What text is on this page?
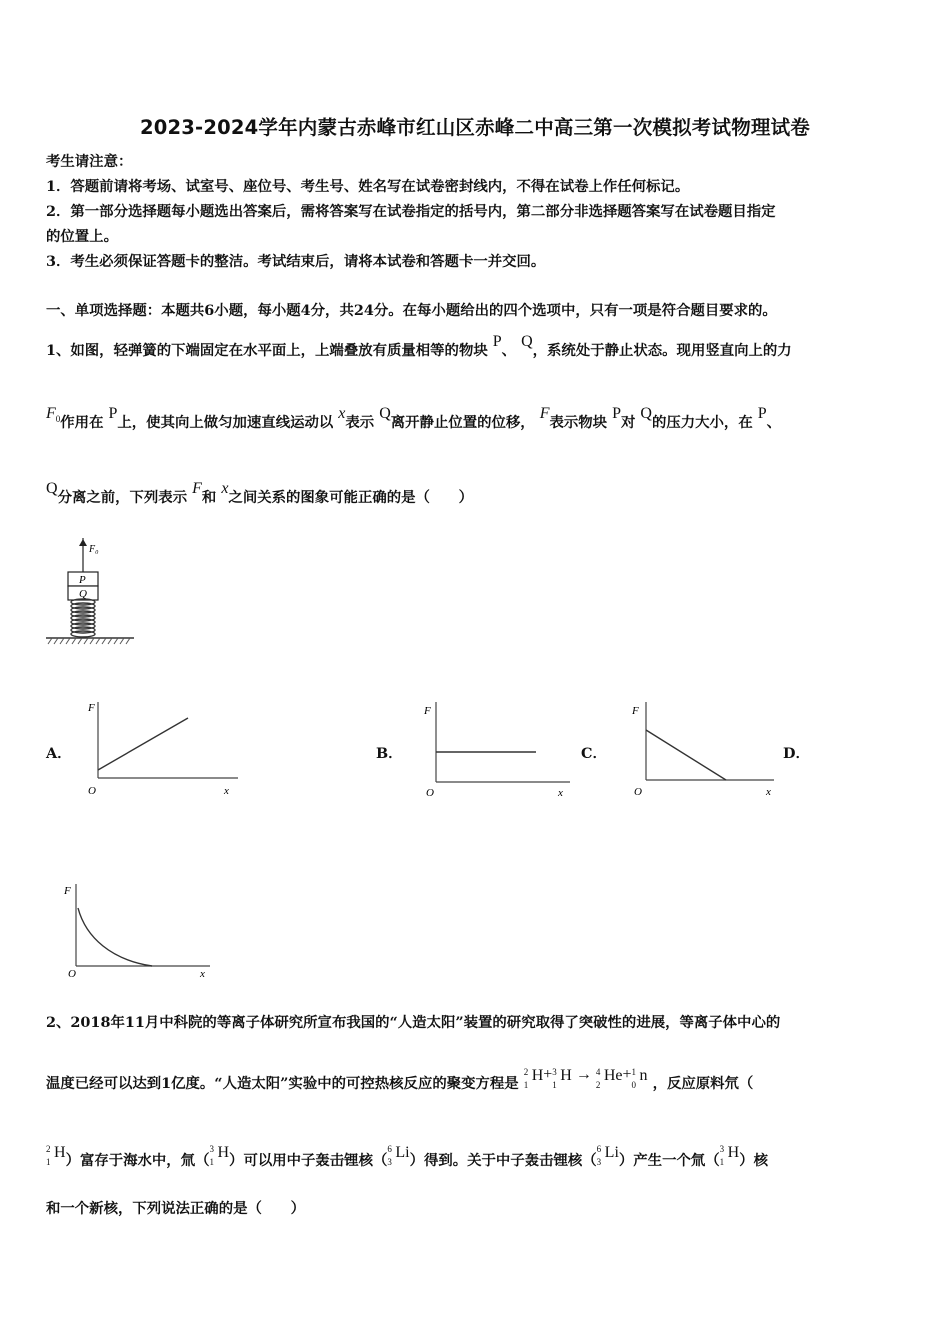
2023-2024学年内蒙古赤峰市红山区赤峰二中高三第一次模拟考试物理试卷
考生请注意：
1．答题前请将考场、试室号、座位号、考生号、姓名写在试卷密封线内，不得在试卷上作任何标记。
2．第一部分选择题每小题选出答案后，需将答案写在试卷指定的括号内，第二部分非选择题答案写在试卷题目指定
的位置上。
3．考生必须保证答题卡的整洁。考试结束后，请将本试卷和答题卡一并交回。
一、单项选择题：本题共6小题，每小题4分，共24分。在每小题给出的四个选项中，只有一项是符合题目要求的。
1、如图，轻弹簧的下端固定在水平面上，上端叠放有质量相等的物块 P、 Q，系统处于静止状态。现用竖直向上的力
$F_0$作用在 P上，使其向上做匀加速直线运动以 x表示 Q离开静止位置的位移， F表示物块 P对 Q的压力大小，在 P、
Q分离之前，下列表示 F和 x之间关系的图象可能正确的是（　　）
F₀
P
Q
A．	B．	C．	D．
F
O	x
F
O	x
F
O	x
F
O	x
2、2018年11月中科院的等离子体研究所宣布我国的“人造太阳”装置的研究取得了突破性的进展，等离子体中心的
温度已经可以达到1亿度。“人造太阳”实验中的可控热核反应的聚变方程是
2
1
H+ 3
1
H → 4
2
He+ 1
0
n ，反应原料氘（
2
1
H）富存于海水中，氚（
3
1
H）可以用中子轰击锂核（
6
3
Li）得到。关于中子轰击锂核（
6
3
Li）产生一个氚（
3
1
H）核
和一个新核，下列说法正确的是（　　）
